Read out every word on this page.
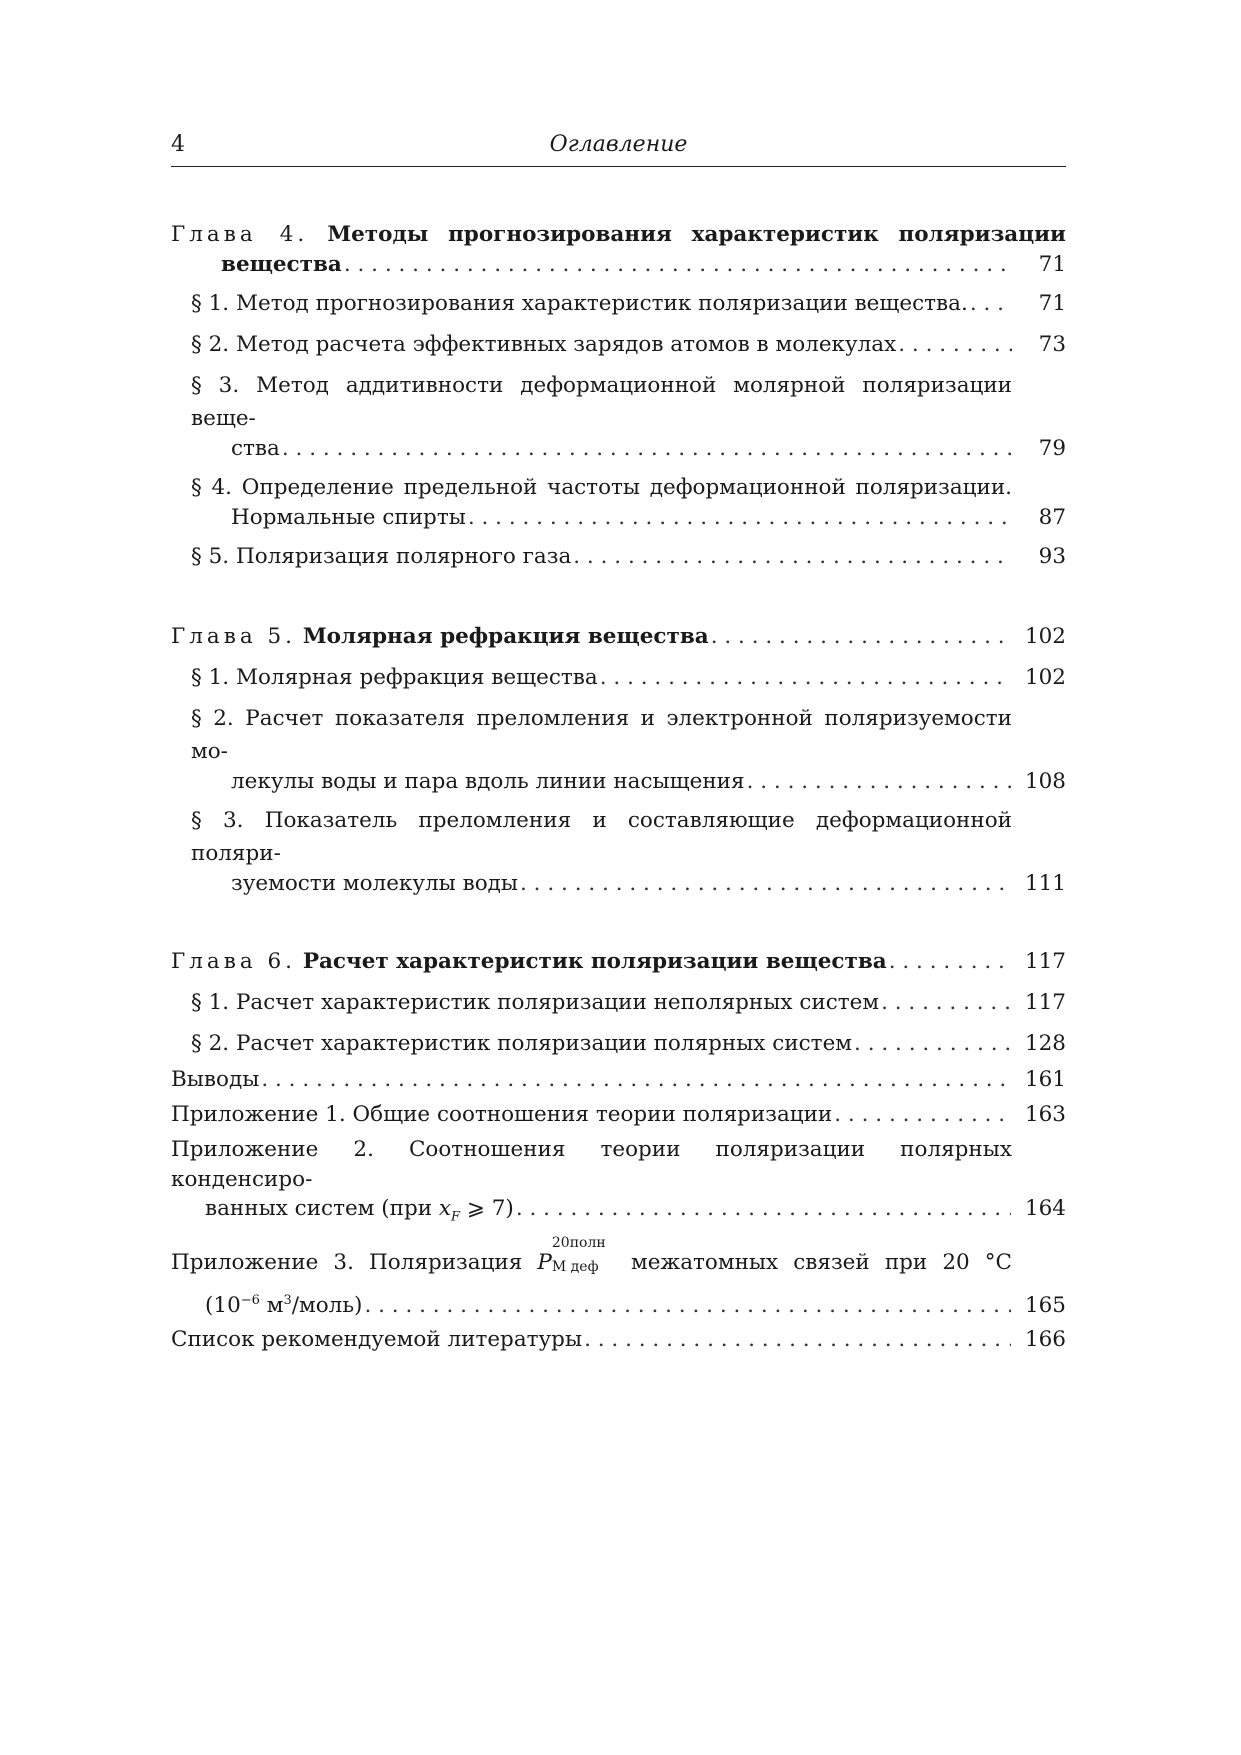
4	Оглавление
Глава 4. Методы прогнозирования характеристик поляризации
вещества . . .	71
§ 1.
Метод прогнозирования характеристик поляризации вещества. . . .	71
§ 2.
Метод расчета эффективных зарядов атомов в молекулах . . .	73
§ 3. Метод аддитивности деформационной молярной поляризации веще-
ства . . .	79
§ 4. Определение предельной частоты деформационной поляризации.
Нормальные спирты . . .	87
§ 5.
Поляризация полярного газа . . .	93
Глава 5.
Молярная рефракция вещества . . .	102
§ 1.
Молярная рефракция вещества . . .	102
§ 2. Расчет показателя преломления и электронной поляризуемости мо-
лекулы воды и пара вдоль линии насыщения . . .	108
§ 3. Показатель преломления и составляющие деформационной поляри-
зуемости молекулы воды . . .	111
Глава 6.
Расчет характеристик поляризации вещества . . .	117
§ 1.
Расчет характеристик поляризации неполярных систем . . .	117
§ 2.
Расчет характеристик поляризации полярных систем . . .	128
Выводы . . .	161
Приложение 1. Общие соотношения теории поляризации . . .	163
Приложение 2. Соотношения теории поляризации полярных конденсиро-
ванных систем (при $x_F$ ⩾ 7) . . .	164
Приложение 3. Поляризация P
20полн
М деф межатомных связей при 20 °C
($10^{-6}$ $м^3/моль$) . . .	165
Список рекомендуемой литературы . . .	166
